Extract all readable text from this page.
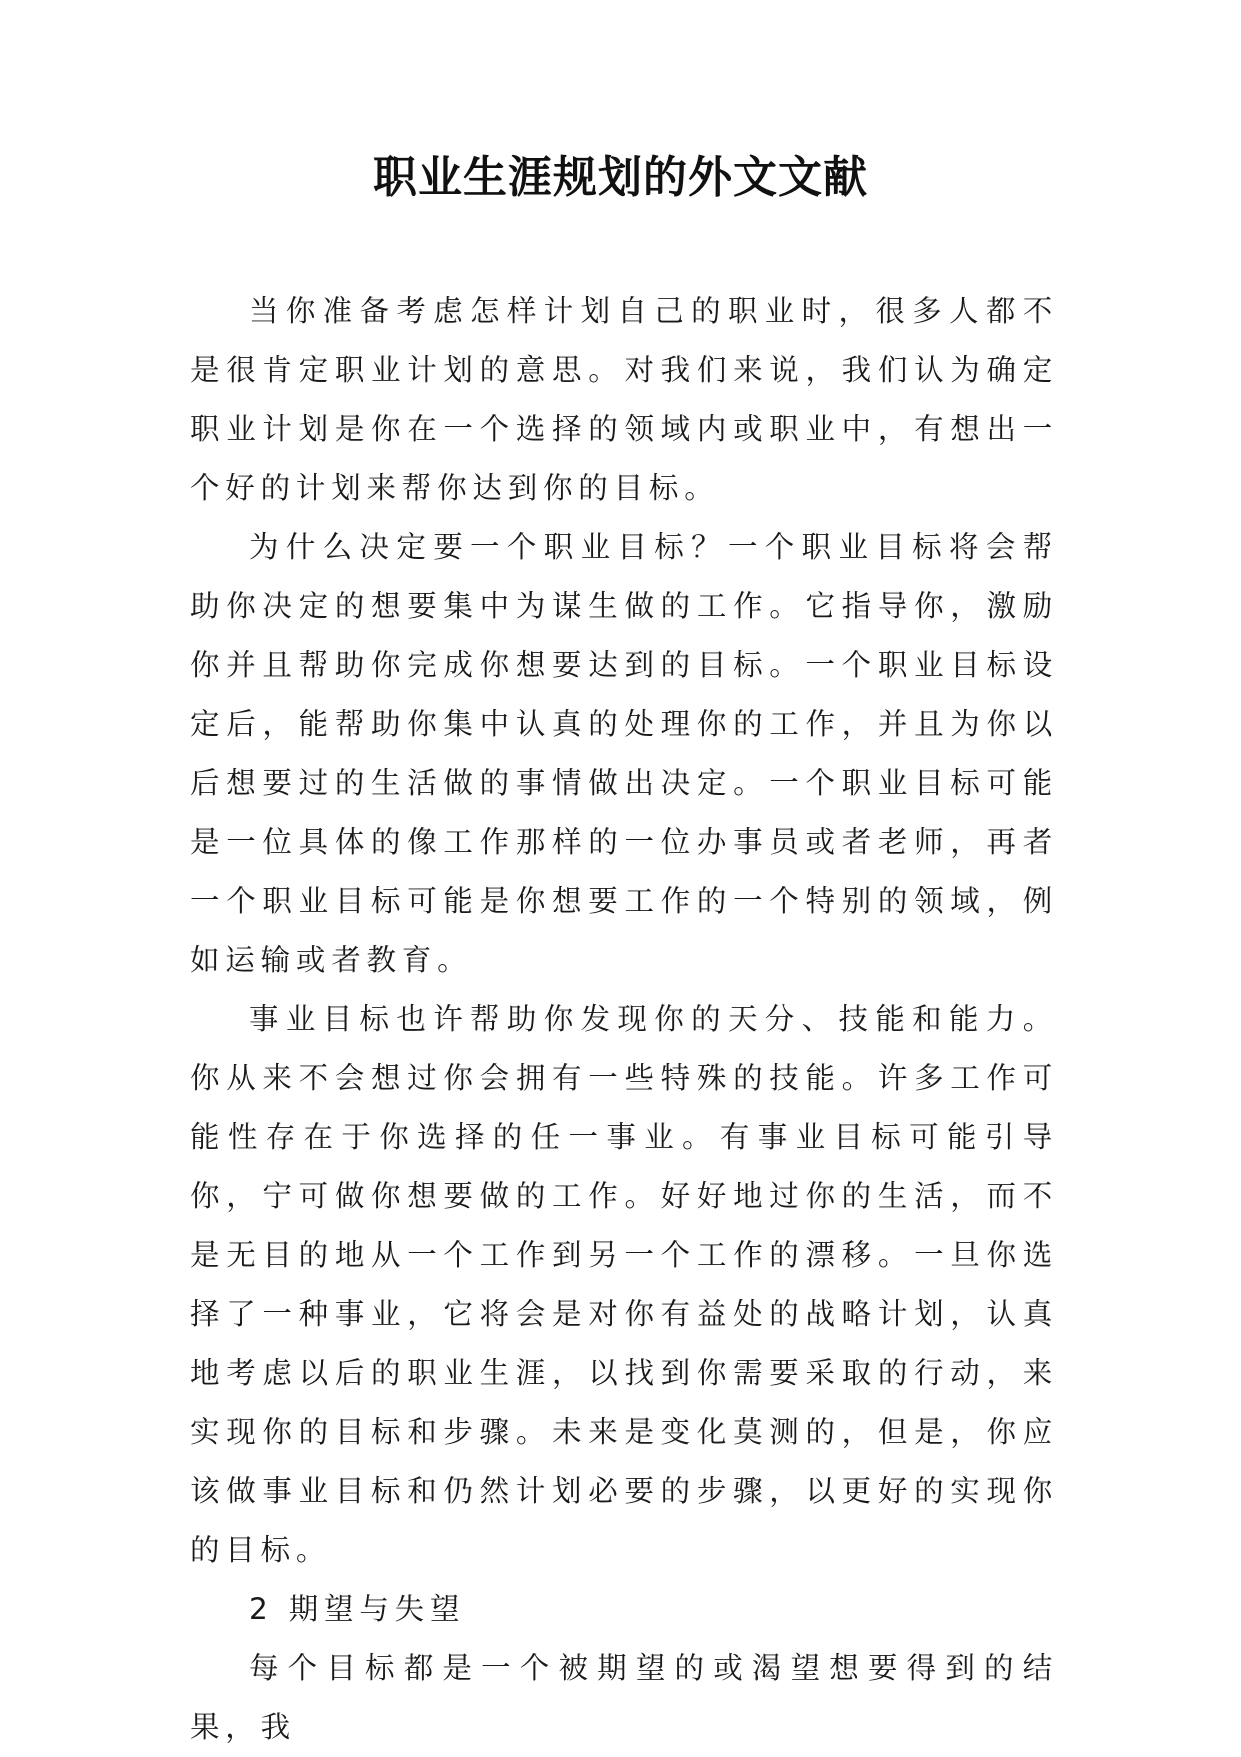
职业生涯规划的外文文献

当你准备考虑怎样计划自己的职业时，很多人都不是很肯定职业计划的意思。对我们来说，我们认为确定职业计划是你在一个选择的领域内或职业中，有想出一个好的计划来帮你达到你的目标。

为什么决定要一个职业目标？一个职业目标将会帮助你决定的想要集中为谋生做的工作。它指导你，激励你并且帮助你完成你想要达到的目标。一个职业目标设定后，能帮助你集中认真的处理你的工作，并且为你以后想要过的生活做的事情做出决定。一个职业目标可能是一位具体的像工作那样的一位办事员或者老师，再者一个职业目标可能是你想要工作的一个特别的领域，例如运输或者教育。

事业目标也许帮助你发现你的天分、技能和能力。你从来不会想过你会拥有一些特殊的技能。许多工作可能性存在于你选择的任一事业。有事业目标可能引导你，宁可做你想要做的工作。好好地过你的生活，而不是无目的地从一个工作到另一个工作的漂移。一旦你选择了一种事业，它将会是对你有益处的战略计划，认真地考虑以后的职业生涯，以找到你需要采取的行动，来实现你的目标和步骤。未来是变化莫测的，但是，你应该做事业目标和仍然计划必要的步骤，以更好的实现你的目标。

2 期望与失望

每个目标都是一个被期望的或渴望想要得到的结果，我
